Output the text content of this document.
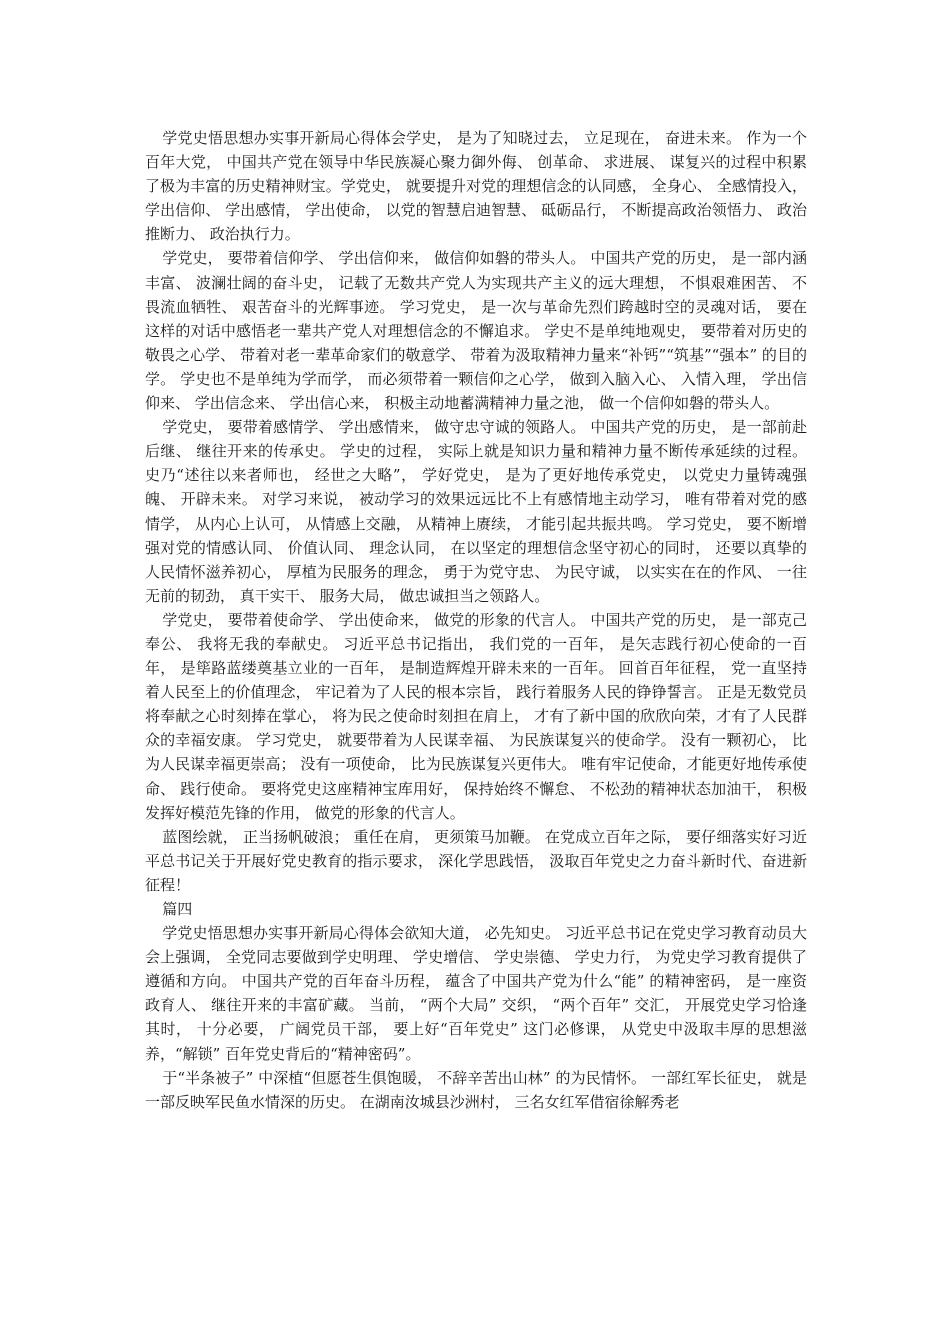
学党史悟思想办实事开新局心得体会学史， 是为了知晓过去， 立足现在， 奋进未来。 作为一个百年大党， 中国共产党在领导中华民族凝心聚力御外侮、 创革命、 求进展、 谋复兴的过程中积累了极为丰富的历史精神财宝。学党史， 就要提升对党的理想信念的认同感， 全身心、 全感情投入， 学出信仰、 学出感情， 学出使命， 以党的智慧启迪智慧、 砥砺品行， 不断提高政治领悟力、 政治推断力、 政治执行力。

学党史， 要带着信仰学、 学出信仰来， 做信仰如磐的带头人。 中国共产党的历史， 是一部内涵丰富、 波澜壮阔的奋斗史， 记载了无数共产党人为实现共产主义的远大理想， 不惧艰难困苦、 不畏流血牺牲、 艰苦奋斗的光辉事迹。 学习党史， 是一次与革命先烈们跨越时空的灵魂对话， 要在这样的对话中感悟老一辈共产党人对理想信念的不懈追求。 学史不是单纯地观史， 要带着对历史的敬畏之心学、 带着对老一辈革命家们的敬意学、 带着为汲取精神力量来“补钙”“筑基”“强本” 的目的学。 学史也不是单纯为学而学， 而必须带着一颗信仰之心学， 做到入脑入心、 入情入理， 学出信仰来、 学出信念来、 学出信心来， 积极主动地蓄满精神力量之池， 做一个信仰如磐的带头人。

学党史， 要带着感情学、 学出感情来， 做守忠守诚的领路人。 中国共产党的历史， 是一部前赴后继、 继往开来的传承史。 学史的过程， 实际上就是知识力量和精神力量不断传承延续的过程。 史乃“述往以来者师也， 经世之大略”， 学好党史， 是为了更好地传承党史， 以党史力量铸魂强魄、 开辟未来。 对学习来说， 被动学习的效果远远比不上有感情地主动学习， 唯有带着对党的感情学， 从内心上认可， 从情感上交融， 从精神上赓续， 才能引起共振共鸣。 学习党史， 要不断增强对党的情感认同、 价值认同、 理念认同， 在以坚定的理想信念坚守初心的同时， 还要以真挚的人民情怀滋养初心， 厚植为民服务的理念， 勇于为党守忠、 为民守诚， 以实实在在的作风、 一往无前的韧劲， 真干实干、 服务大局， 做忠诚担当之领路人。

学党史， 要带着使命学、 学出使命来， 做党的形象的代言人。 中国共产党的历史， 是一部克己奉公、 我将无我的奉献史。 习近平总书记指出， 我们党的一百年， 是矢志践行初心使命的一百年， 是筚路蓝缕奠基立业的一百年， 是制造辉煌开辟未来的一百年。 回首百年征程， 党一直坚持着人民至上的价值理念， 牢记着为了人民的根本宗旨， 践行着服务人民的铮铮誓言。 正是无数党员将奉献之心时刻捧在掌心， 将为民之使命时刻担在肩上， 才有了新中国的欣欣向荣，才有了人民群众的幸福安康。 学习党史， 就要带着为人民谋幸福、 为民族谋复兴的使命学。 没有一颗初心， 比为人民谋幸福更崇高； 没有一项使命， 比为民族谋复兴更伟大。 唯有牢记使命，才能更好地传承使命、 践行使命。 要将党史这座精神宝库用好， 保持始终不懈怠、 不松劲的精神状态加油干， 积极发挥好模范先锋的作用， 做党的形象的代言人。

蓝图绘就， 正当扬帆破浪； 重任在肩， 更须策马加鞭。 在党成立百年之际， 要仔细落实好习近平总书记关于开展好党史教育的指示要求， 深化学思践悟， 汲取百年党史之力奋斗新时代、奋进新征程！

篇四

学党史悟思想办实事开新局心得体会欲知大道， 必先知史。 习近平总书记在党史学习教育动员大会上强调， 全党同志要做到学史明理、 学史增信、 学史崇德、 学史力行， 为党史学习教育提供了遵循和方向。 中国共产党的百年奋斗历程， 蕴含了中国共产党为什么“能” 的精神密码， 是一座资政育人、 继往开来的丰富矿藏。 当前， “两个大局” 交织， “两个百年” 交汇， 开展党史学习恰逢其时， 十分必要， 广阔党员干部， 要上好“百年党史” 这门必修课， 从党史中汲取丰厚的思想滋养，“解锁” 百年党史背后的“精神密码”。

于“半条被子” 中深植“但愿苍生俱饱暖， 不辞辛苦出山林” 的为民情怀。 一部红军长征史， 就是一部反映军民鱼水情深的历史。 在湖南汝城县沙洲村， 三名女红军借宿徐解秀老
